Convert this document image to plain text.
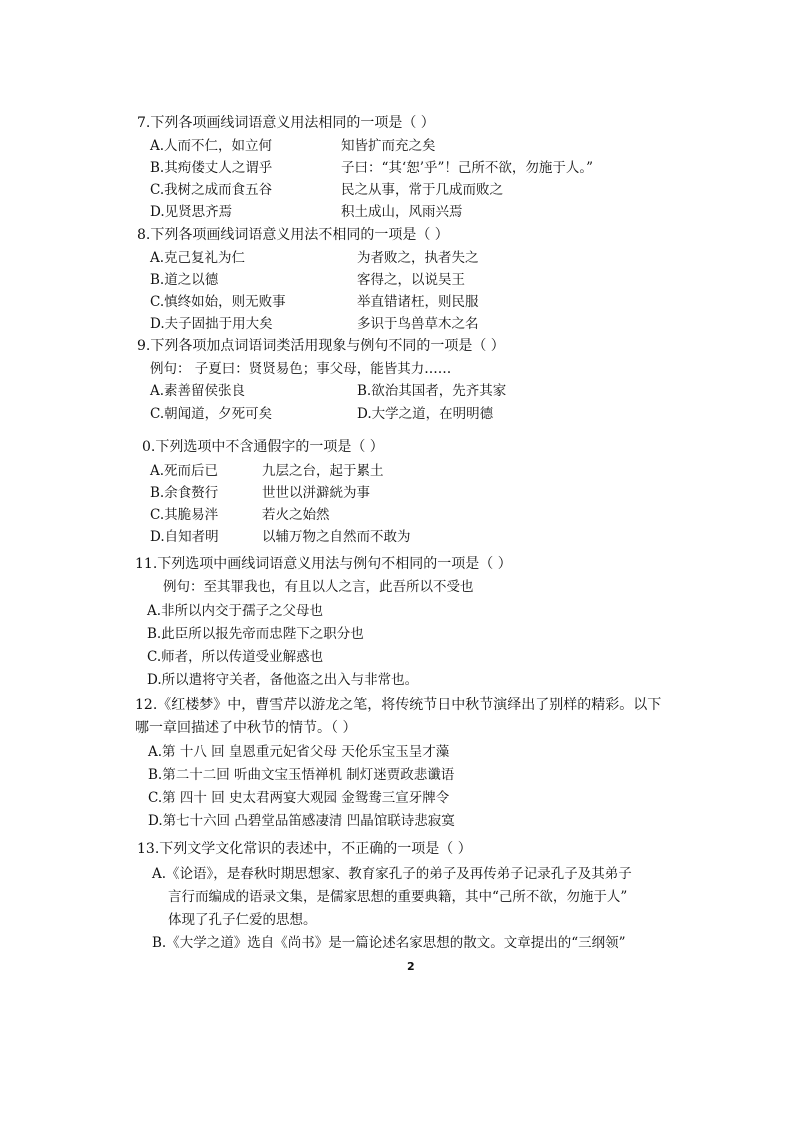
7.下列各项画线词语意义用法相同的一项是（ ）
A.人而不仁，如立何	知皆扩而充之矣
B.其痀偻丈人之谓乎	子曰：“其‘恕’乎”！己所不欲，勿施于人。”
C.我树之成而食五谷	民之从事，常于几成而败之
D.见贤思齐焉	积土成山，风雨兴焉
8.下列各项画线词语意义用法不相同的一项是（ ）
A.克己复礼为仁	为者败之，执者失之
B.道之以德	客得之，以说吴王
C.慎终如始，则无败事	举直错诸枉，则民服
D.夫子固拙于用大矣	多识于鸟兽草木之名
9.下列各项加点词语词类活用现象与例句不同的一项是（ ）
例句： 子夏曰：贤贤易色；事父母，能皆其力……
A.素善留侯张良	B.欲治其国者，先齐其家
C.朝闻道，夕死可矣	D.大学之道，在明明德
0.下列选项中不含通假字的一项是（ ）
A.死而后已	九层之台，起于累土
B.余食赘行	世世以洴澼絖为事
C.其脆易泮	若火之始然
D.自知者明	以辅万物之自然而不敢为
11.下列选项中画线词语意义用法与例句不相同的一项是（ ）
例句：至其罪我也，有且以人之言，此吾所以不受也
A.非所以内交于孺子之父母也
B.此臣所以报先帝而忠陛下之职分也
C.师者，所以传道受业解惑也
D.所以遣将守关者，备他盗之出入与非常也。
12.《红楼梦》中，曹雪芹以游龙之笔，将传统节日中秋节演绎出了别样的精彩。以下
哪一章回描述了中秋节的情节。（ ）
A.第 十八 回 皇恩重元妃省父母 天伦乐宝玉呈才藻
B.第二十二回 听曲文宝玉悟禅机 制灯迷贾政悲谶语
C.第 四十 回 史太君两宴大观园 金鸳鸯三宣牙牌令
D.第七十六回 凸碧堂品笛感凄清 凹晶馆联诗悲寂寞
13.下列文学文化常识的表述中，不正确的一项是（ ）
A.《论语》，是春秋时期思想家、教育家孔子的弟子及再传弟子记录孔子及其弟子
言行而编成的语录文集，是儒家思想的重要典籍，其中“己所不欲，勿施于人”
体现了孔子仁爱的思想。
B.《大学之道》选自《尚书》是一篇论述名家思想的散文。文章提出的“三纲领”
2
